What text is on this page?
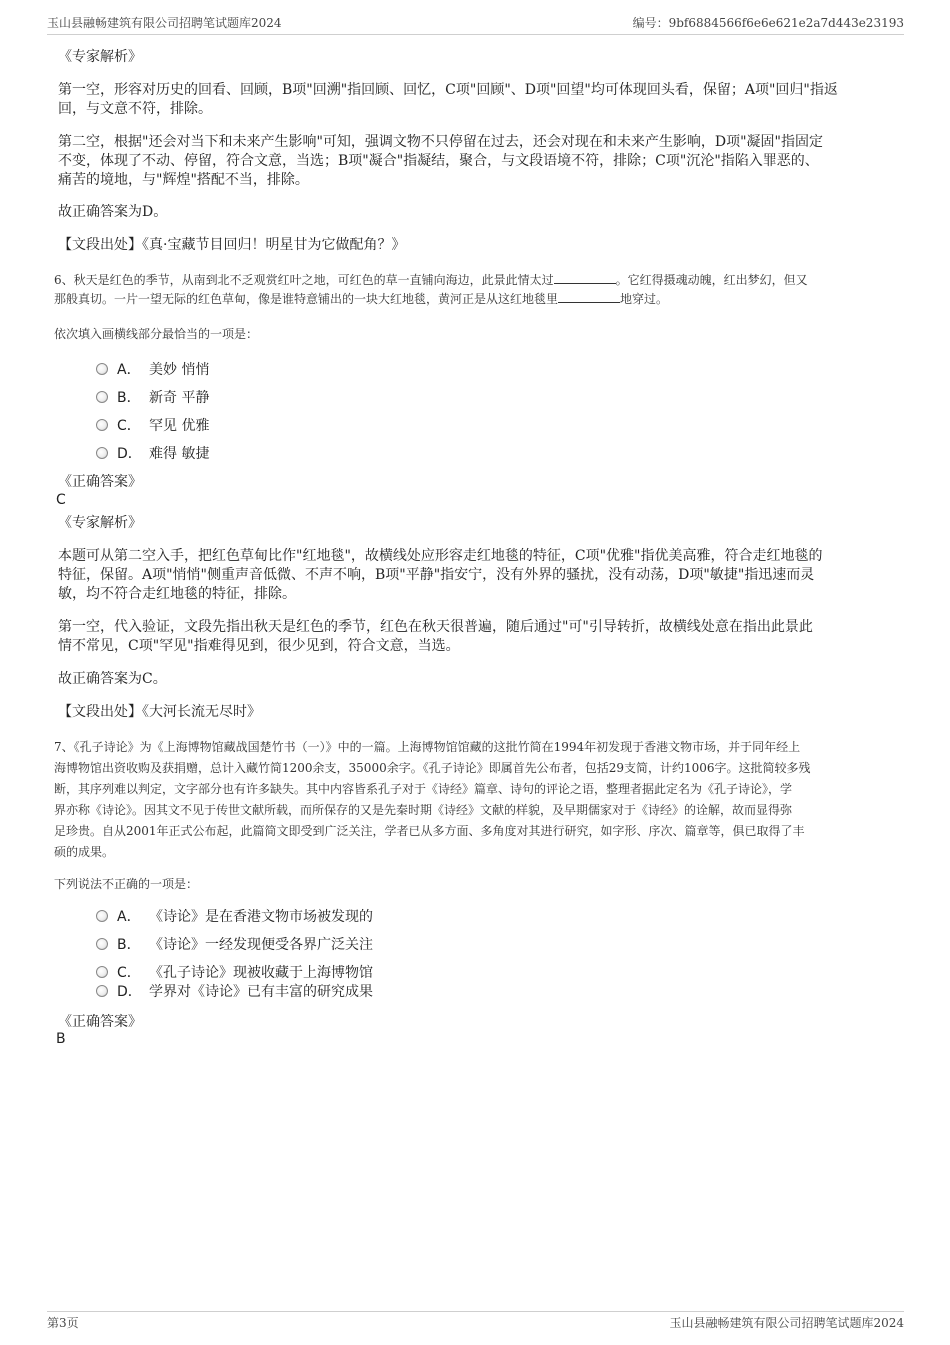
玉山县融畅建筑有限公司招聘笔试题库2024	编号：9bf6884566f6e6e621e2a7d443e23193
《专家解析》
第一空，形容对历史的回看、回顾，B项"回溯"指回顾、回忆，C项"回顾"、D项"回望"均可体现回头看，保留；A项"回归"指返
回，与文意不符，排除。
第二空，根据"还会对当下和未来产生影响"可知，强调文物不只停留在过去，还会对现在和未来产生影响，D项"凝固"指固定
不变，体现了不动、停留，符合文意，当选；B项"凝合"指凝结，聚合，与文段语境不符，排除；C项"沉沦"指陷入罪恶的、
痛苦的境地，与"辉煌"搭配不当，排除。
故正确答案为D。
【文段出处】《真·宝藏节目回归！明星甘为它做配角？》
6、秋天是红色的季节，从南到北不乏观赏红叶之地，可红色的草一直铺向海边，此景此情太过	。它红得摄魂动魄，红出梦幻，但又
那般真切。一片一望无际的红色草甸，像是谁特意铺出的一块大红地毯，黄河正是从这红地毯里	地穿过。
依次填入画横线部分最恰当的一项是：
A． 美妙 悄悄
B． 新奇 平静
C． 罕见 优雅
D． 难得 敏捷
《正确答案》
C
《专家解析》
本题可从第二空入手，把红色草甸比作"红地毯"，故横线处应形容走红地毯的特征，C项"优雅"指优美高雅，符合走红地毯的
特征，保留。A项"悄悄"侧重声音低微、不声不响，B项"平静"指安宁，没有外界的骚扰，没有动荡，D项"敏捷"指迅速而灵
敏，均不符合走红地毯的特征，排除。
第一空，代入验证，文段先指出秋天是红色的季节，红色在秋天很普遍，随后通过"可"引导转折，故横线处意在指出此景此
情不常见，C项"罕见"指难得见到，很少见到，符合文意，当选。
故正确答案为C。
【文段出处】《大河长流无尽时》
7、《孔子诗论》为《上海博物馆藏战国楚竹书（一）》中的一篇。上海博物馆馆藏的这批竹简在1994年初发现于香港文物市场，并于同年经上
海博物馆出资收购及获捐赠，总计入藏竹简1200余支，35000余字。《孔子诗论》即属首先公布者，包括29支简，计约1006字。这批简较多残
断，其序列难以判定，文字部分也有许多缺失。其中内容皆系孔子对于《诗经》篇章、诗句的评论之语，整理者据此定名为《孔子诗论》，学
界亦称《诗论》。因其文不见于传世文献所载，而所保存的又是先秦时期《诗经》文献的样貌，及早期儒家对于《诗经》的诠解，故而显得弥
足珍贵。自从2001年正式公布起，此篇简文即受到广泛关注，学者已从多方面、多角度对其进行研究，如字形、序次、篇章等，俱已取得了丰
硕的成果。
下列说法不正确的一项是：
A． 《诗论》是在香港文物市场被发现的
B． 《诗论》一经发现便受各界广泛关注
C． 《孔子诗论》现被收藏于上海博物馆
D． 学界对《诗论》已有丰富的研究成果
《正确答案》
B
第3页	玉山县融畅建筑有限公司招聘笔试题库2024
